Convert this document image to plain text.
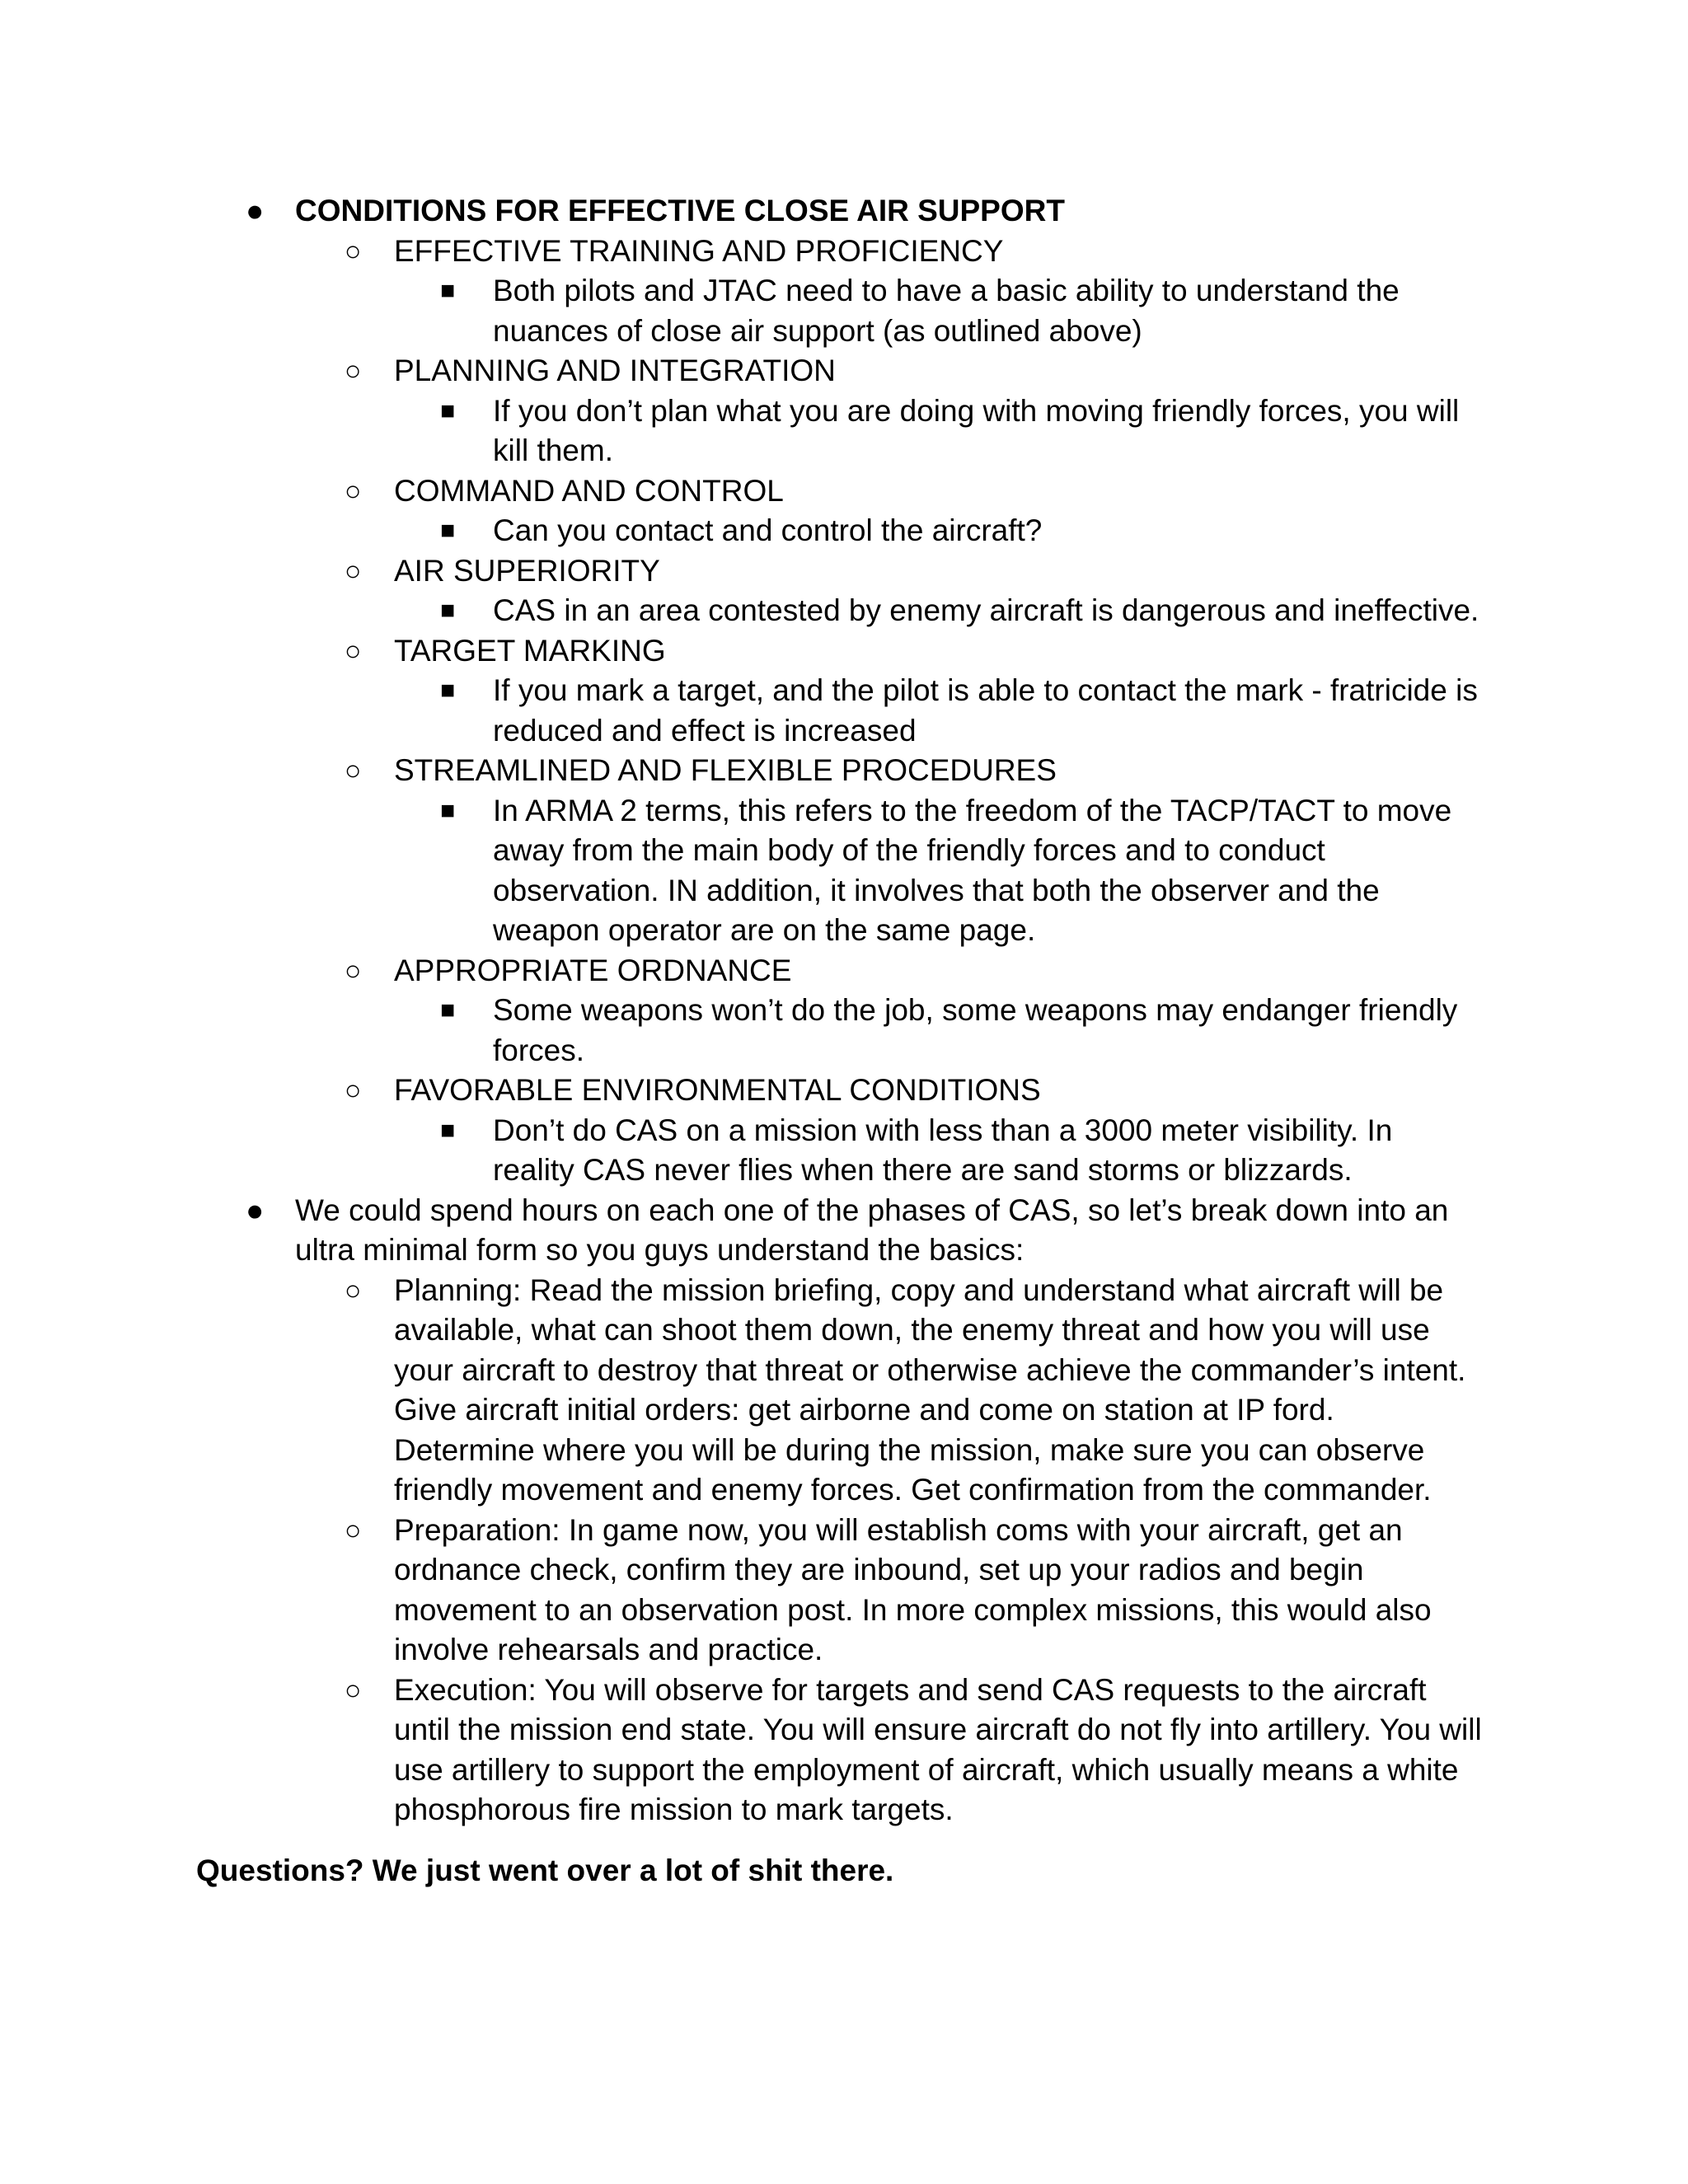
●	CONDITIONS FOR EFFECTIVE CLOSE AIR SUPPORT
○	EFFECTIVE TRAINING AND PROFICIENCY
■	Both pilots and JTAC need to have a basic ability to understand the nuances of close air support (as outlined above)
○	PLANNING AND INTEGRATION
■	If you don’t plan what you are doing with moving friendly forces, you will kill them.
○	COMMAND AND CONTROL
■	Can you contact and control the aircraft?
○	AIR SUPERIORITY
■	CAS in an area contested by enemy aircraft is dangerous and ineffective.
○	TARGET MARKING
■	If you mark a target, and the pilot is able to contact the mark - fratricide is reduced and effect is increased
○	STREAMLINED AND FLEXIBLE PROCEDURES
■	In ARMA 2 terms, this refers to the freedom of the TACP/TACT to move away from the main body of the friendly forces and to conduct observation. IN addition, it involves that both the observer and the weapon operator are on the same page.
○	APPROPRIATE ORDNANCE
■	Some weapons won’t do the job, some weapons may endanger friendly forces.
○	FAVORABLE ENVIRONMENTAL CONDITIONS
■	Don’t do CAS on a mission with less than a 3000 meter visibility. In reality CAS never flies when there are sand storms or blizzards.
●	We could spend hours on each one of the phases of CAS, so let’s break down into an ultra minimal form so you guys understand the basics:
○	Planning: Read the mission briefing, copy and understand what aircraft will be available, what can shoot them down, the enemy threat and how you will use your aircraft to destroy that threat or otherwise achieve the commander’s intent. Give aircraft initial orders: get airborne and come on station at IP ford. Determine where you will be during the mission, make sure you can observe friendly movement and enemy forces. Get confirmation from the commander.
○	Preparation: In game now, you will establish coms with your aircraft, get an ordnance check, confirm they are inbound, set up your radios and begin movement to an observation post. In more complex missions, this would also involve rehearsals and practice.
○	Execution: You will observe for targets and send CAS requests to the aircraft until the mission end state. You will ensure aircraft do not fly into artillery. You will use artillery to support the employment of aircraft, which usually means a white phosphorous fire mission to mark targets.
Questions? We just went over a lot of shit there.
